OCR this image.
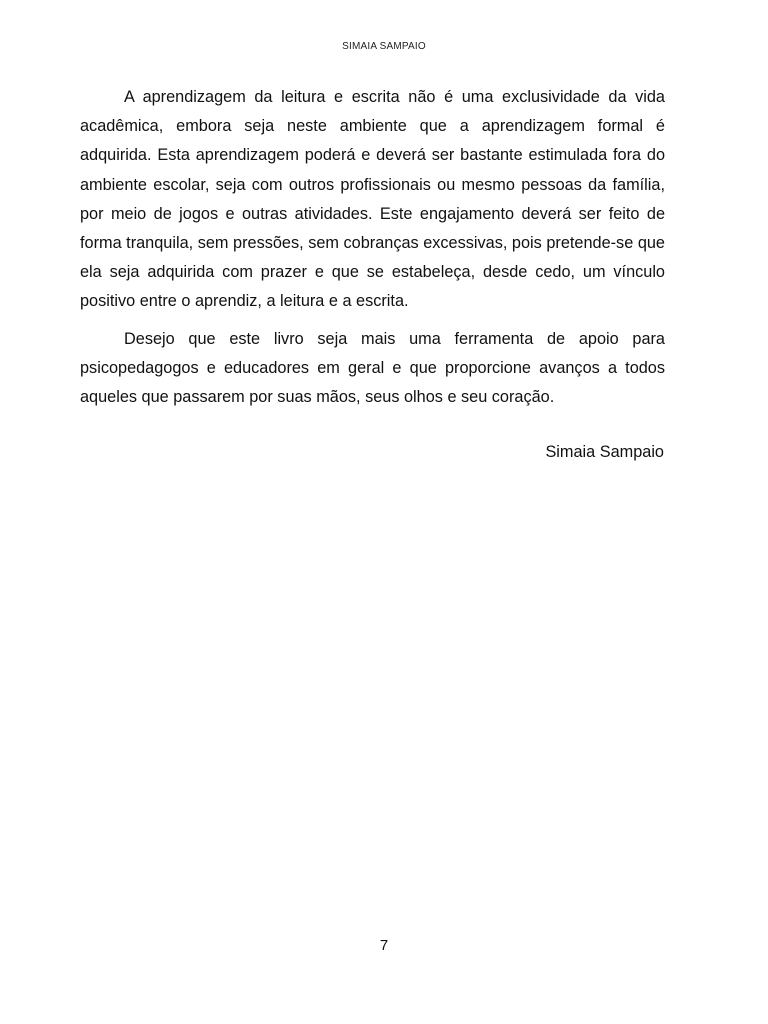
SIMAIA SAMPAIO

A aprendizagem da leitura e escrita não é uma exclusividade da vida acadêmica, embora seja neste ambiente que a aprendizagem formal é adquirida. Esta aprendizagem poderá e deverá ser bastante estimulada fora do ambiente escolar, seja com outros profissionais ou mesmo pessoas da família, por meio de jogos e outras atividades. Este engajamento deverá ser feito de forma tranquila, sem pressões, sem cobranças excessivas, pois pretende-se que ela seja adquirida com prazer e que se estabeleça, desde cedo, um vínculo positivo entre o aprendiz, a leitura e a escrita.

Desejo que este livro seja mais uma ferramenta de apoio para psicopedagogos e educadores em geral e que proporcione avanços a todos aqueles que passarem por suas mãos, seus olhos e seu coração.

Simaia Sampaio
7
